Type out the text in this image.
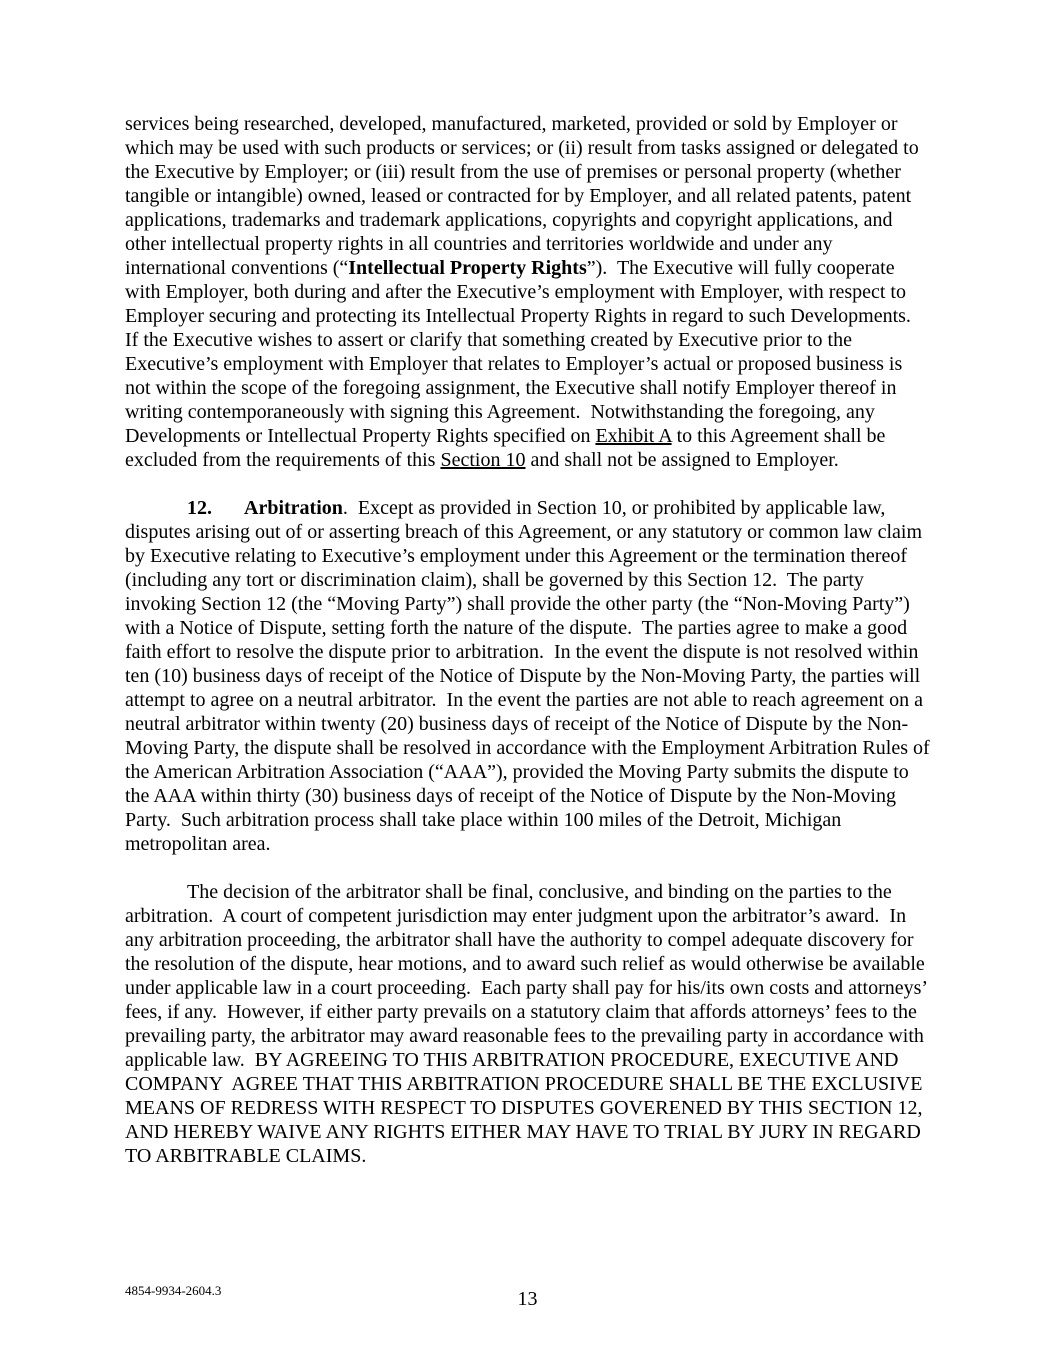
services being researched, developed, manufactured, marketed, provided or sold by Employer or which may be used with such products or services; or (ii) result from tasks assigned or delegated to the Executive by Employer; or (iii) result from the use of premises or personal property (whether tangible or intangible) owned, leased or contracted for by Employer, and all related patents, patent applications, trademarks and trademark applications, copyrights and copyright applications, and other intellectual property rights in all countries and territories worldwide and under any international conventions (“Intellectual Property Rights”).  The Executive will fully cooperate with Employer, both during and after the Executive’s employment with Employer, with respect to Employer securing and protecting its Intellectual Property Rights in regard to such Developments.  If the Executive wishes to assert or clarify that something created by Executive prior to the Executive’s employment with Employer that relates to Employer’s actual or proposed business is not within the scope of the foregoing assignment, the Executive shall notify Employer thereof in writing contemporaneously with signing this Agreement.  Notwithstanding the foregoing, any Developments or Intellectual Property Rights specified on Exhibit A to this Agreement shall be excluded from the requirements of this Section 10 and shall not be assigned to Employer.

12. Arbitration.  Except as provided in Section 10, or prohibited by applicable law, disputes arising out of or asserting breach of this Agreement, or any statutory or common law claim by Executive relating to Executive’s employment under this Agreement or the termination thereof (including any tort or discrimination claim), shall be governed by this Section 12.  The party invoking Section 12 (the “Moving Party”) shall provide the other party (the “Non-Moving Party”) with a Notice of Dispute, setting forth the nature of the dispute.  The parties agree to make a good faith effort to resolve the dispute prior to arbitration.  In the event the dispute is not resolved within ten (10) business days of receipt of the Notice of Dispute by the Non-Moving Party, the parties will attempt to agree on a neutral arbitrator.  In the event the parties are not able to reach agreement on a neutral arbitrator within twenty (20) business days of receipt of the Notice of Dispute by the Non-Moving Party, the dispute shall be resolved in accordance with the Employment Arbitration Rules of the American Arbitration Association (“AAA”), provided the Moving Party submits the dispute to the AAA within thirty (30) business days of receipt of the Notice of Dispute by the Non-Moving Party.  Such arbitration process shall take place within 100 miles of the Detroit, Michigan metropolitan area.

The decision of the arbitrator shall be final, conclusive, and binding on the parties to the arbitration.  A court of competent jurisdiction may enter judgment upon the arbitrator’s award.  In any arbitration proceeding, the arbitrator shall have the authority to compel adequate discovery for the resolution of the dispute, hear motions, and to award such relief as would otherwise be available under applicable law in a court proceeding.  Each party shall pay for his/its own costs and attorneys’ fees, if any.  However, if either party prevails on a statutory claim that affords attorneys’ fees to the prevailing party, the arbitrator may award reasonable fees to the prevailing party in accordance with applicable law.  BY AGREEING TO THIS ARBITRATION PROCEDURE, EXECUTIVE AND COMPANY  AGREE THAT THIS ARBITRATION PROCEDURE SHALL BE THE EXCLUSIVE MEANS OF REDRESS WITH RESPECT TO DISPUTES GOVERENED BY THIS SECTION 12, AND HEREBY WAIVE ANY RIGHTS EITHER MAY HAVE TO TRIAL BY JURY IN REGARD TO ARBITRABLE CLAIMS.

4854-9934-2604.3	13
